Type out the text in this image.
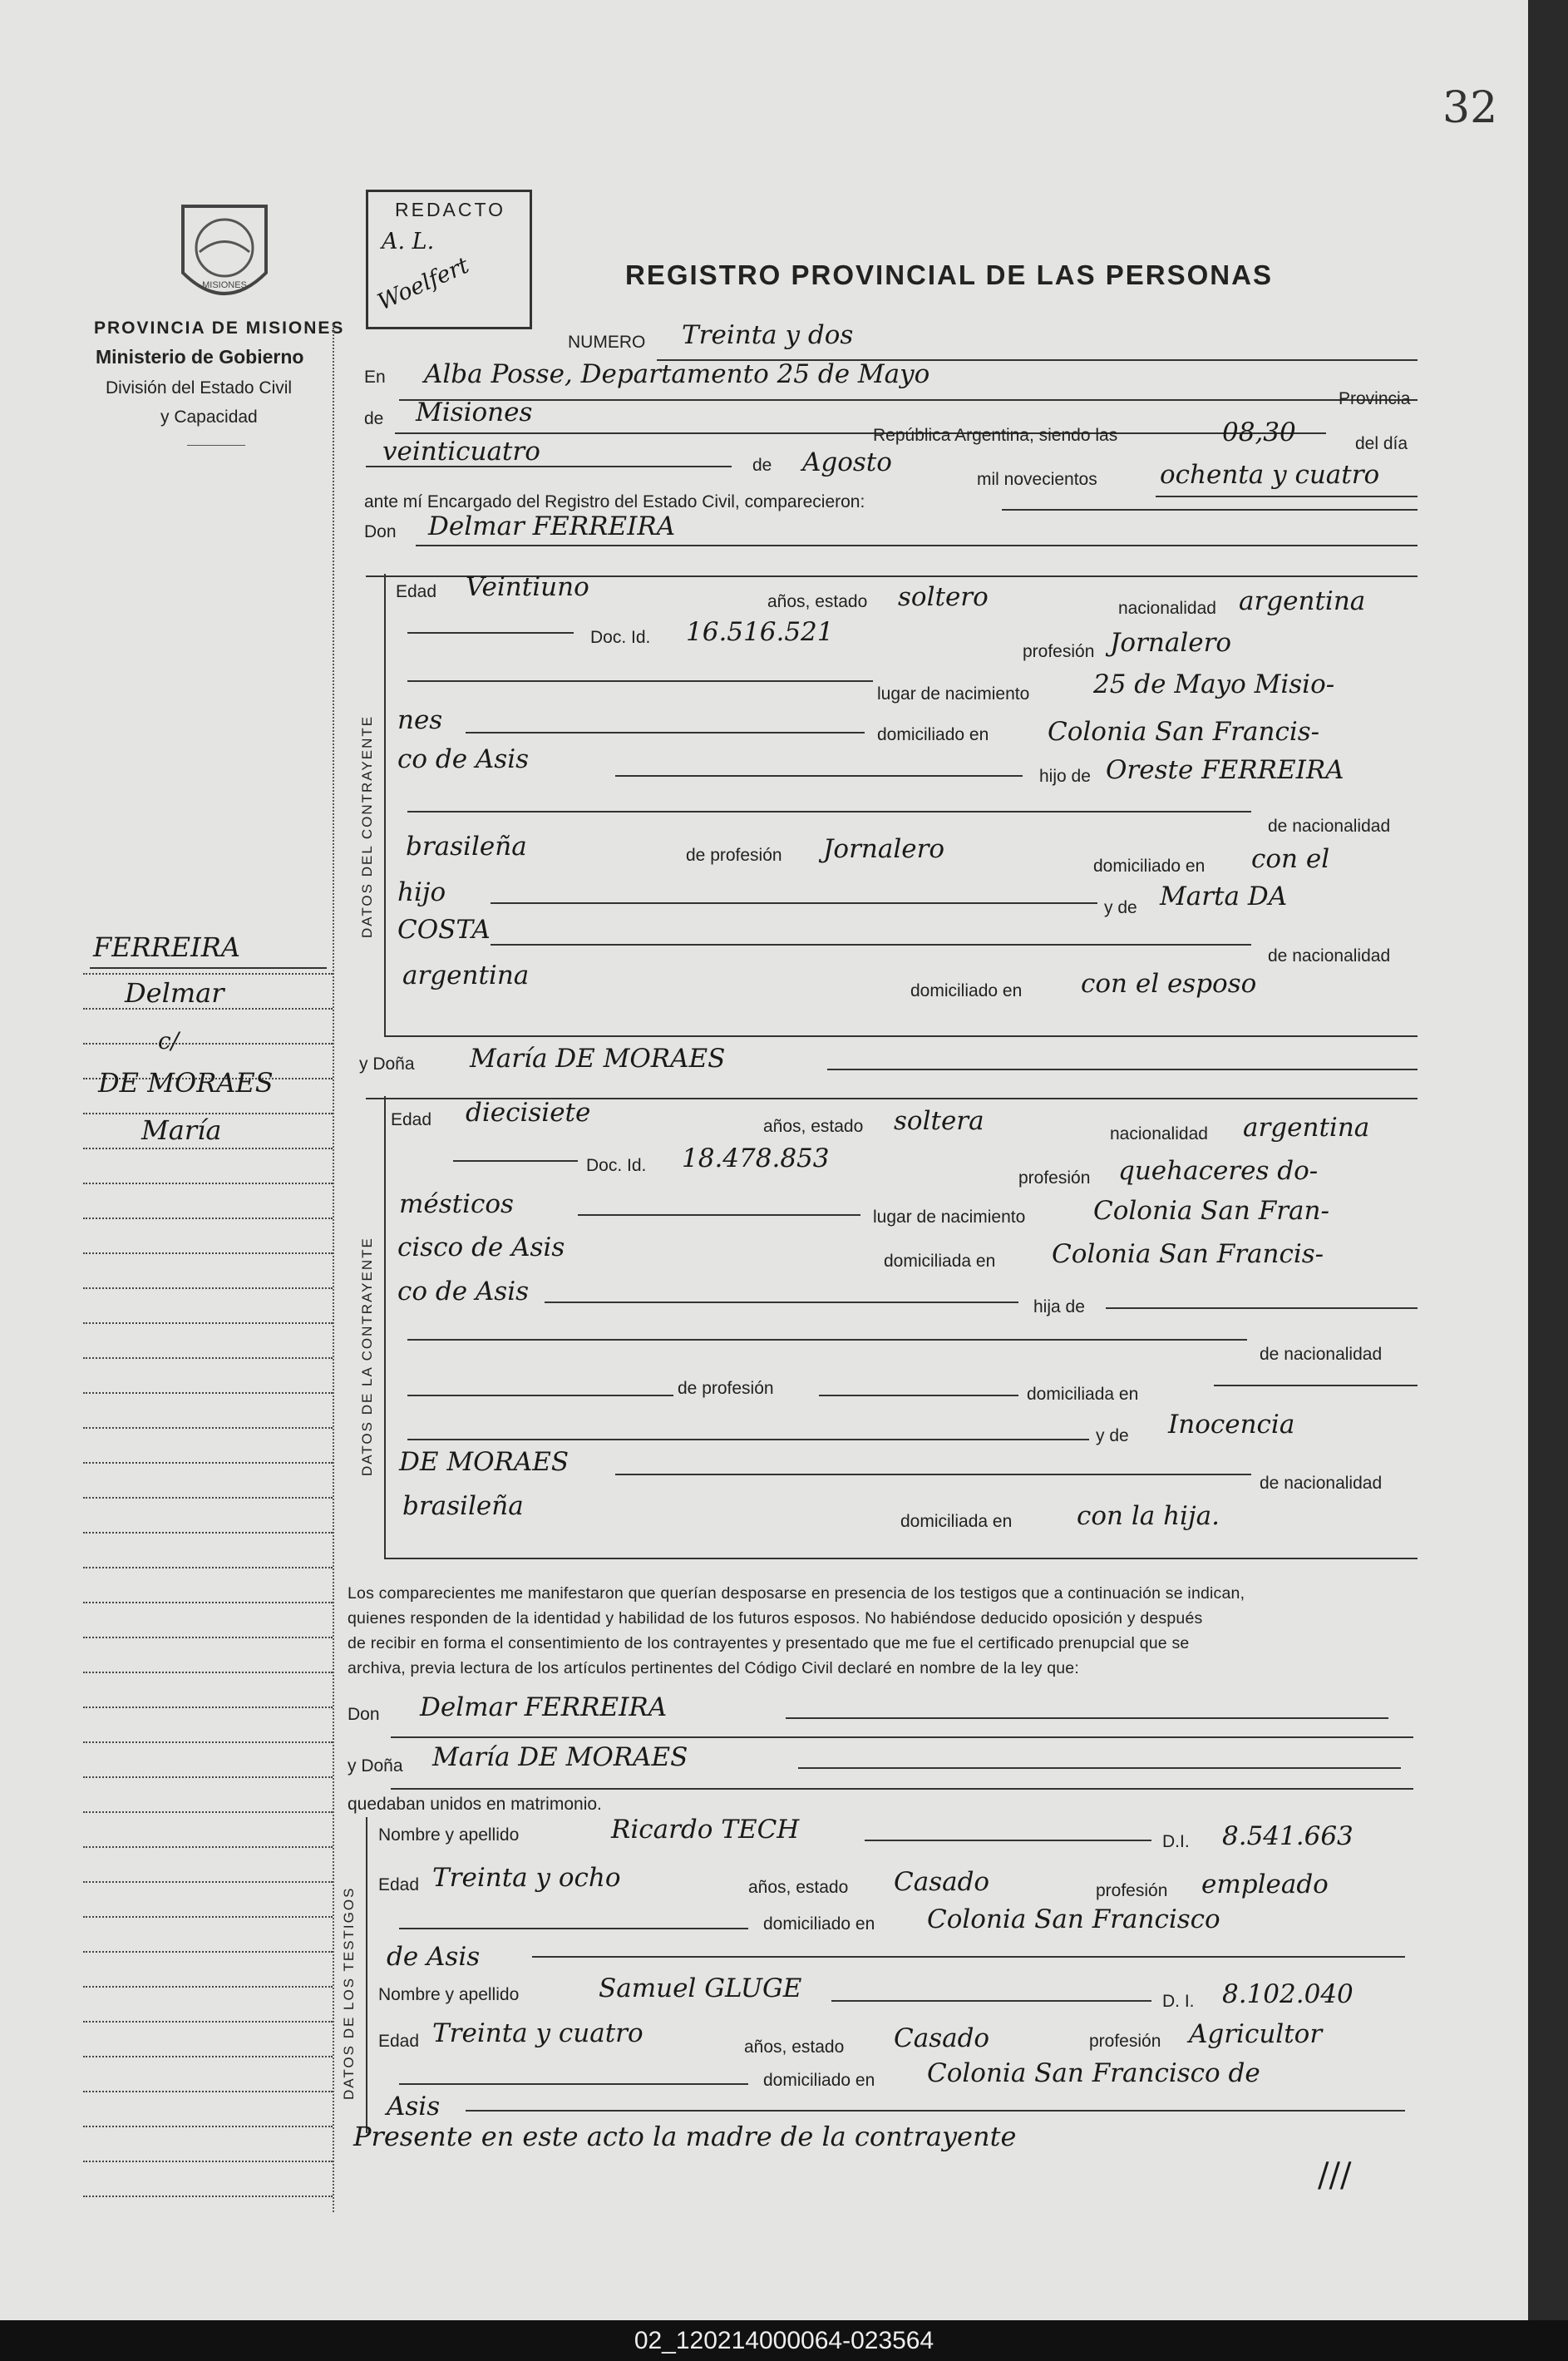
32
MISIONES
PROVINCIA DE MISIONES
Ministerio de Gobierno
División del Estado Civil
y Capacidad
REDACTO
A. L.
Woelfert	REGISTRO PROVINCIAL DE LAS PERSONAS
FERREIRA
Delmar
c/
DE MORAES
María
NUMERO Treinta y dos
En Alba Posse, Departamento 25 de Mayo
de Misiones	Provincia
República Argentina, siendo las	08,30	del día
veinticuatro	de Agosto
mil novecientos ochenta y cuatro
ante mí Encargado del Registro del Estado Civil, comparecieron:
Don Delmar FERREIRA
DATOS DEL CONTRAYENTE
Edad Veintiuno	años, estado soltero	nacionalidad argentina
Doc. Id. 16.516.521
profesión Jornalero
lugar de nacimiento 25 de Mayo Misio-
nes	domiciliado en Colonia San Francis-
co de Asis
hijo de Oreste FERREIRA
de nacionalidad
brasileña	de profesión Jornalero
domiciliado en con el
hijo
y de Marta DA
COSTA
de nacionalidad
argentina
domiciliado en con el esposo
y Doña María DE MORAES
DATOS DE LA CONTRAYENTE
Edad diecisiete	años, estado soltera	nacionalidad argentina
Doc. Id. 18.478.853
profesión quehaceres do-
mésticos	lugar de nacimiento	Colonia San Fran-
cisco de Asis	domiciliada en Colonia San Francis-
co de Asis
hija de
de nacionalidad
de profesión	domiciliada en
y de Inocencia
DE MORAES
de nacionalidad
brasileña
domiciliada en	con la hija.
Los comparecientes me manifestaron que querían desposarse en presencia de los testigos que a continuación se indican,
quienes responden de la identidad y habilidad de los futuros esposos. No habiéndose deducido oposición y después
de recibir en forma el consentimiento de los contrayentes y presentado que me fue el certificado prenupcial que se
archiva, previa lectura de los artículos pertinentes del Código Civil declaré en nombre de la ley que:
Don Delmar FERREIRA
y Doña María DE MORAES
quedaban unidos en matrimonio.
DATOS DE LOS TESTIGOS
Nombre y apellido	Ricardo TECH	D.I. 8.541.663
Edad Treinta y ocho	años, estado Casado	profesión empleado
domiciliado en Colonia San Francisco
de Asis
Nombre y apellido	Samuel GLUGE	D. I. 8.102.040
Edad Treinta y cuatro	años, estado Casado	profesión Agricultor
domiciliado en Colonia San Francisco de
Asis
Presente en este acto la madre de la contrayente
///
02_120214000064-023564
